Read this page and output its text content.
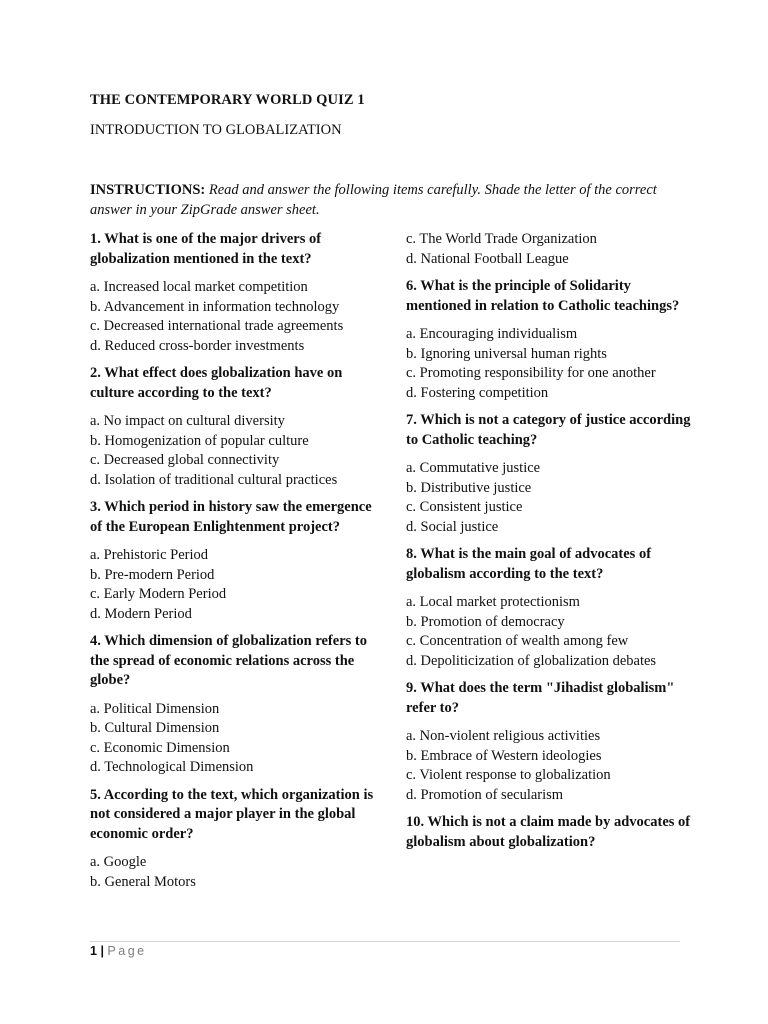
THE CONTEMPORARY WORLD QUIZ 1
INTRODUCTION TO GLOBALIZATION
INSTRUCTIONS: Read and answer the following items carefully. Shade the letter of the correct answer in your ZipGrade answer sheet.
1. What is one of the major drivers of globalization mentioned in the text?
a. Increased local market competition
b. Advancement in information technology
c. Decreased international trade agreements
d. Reduced cross-border investments
2. What effect does globalization have on culture according to the text?
a. No impact on cultural diversity
b. Homogenization of popular culture
c. Decreased global connectivity
d. Isolation of traditional cultural practices
3. Which period in history saw the emergence of the European Enlightenment project?
a. Prehistoric Period
b. Pre-modern Period
c. Early Modern Period
d. Modern Period
4. Which dimension of globalization refers to the spread of economic relations across the globe?
a. Political Dimension
b. Cultural Dimension
c. Economic Dimension
d. Technological Dimension
5. According to the text, which organization is not considered a major player in the global economic order?
a. Google
b. General Motors
c. The World Trade Organization
d. National Football League
6. What is the principle of Solidarity mentioned in relation to Catholic teachings?
a. Encouraging individualism
b. Ignoring universal human rights
c. Promoting responsibility for one another
d. Fostering competition
7. Which is not a category of justice according to Catholic teaching?
a. Commutative justice
b. Distributive justice
c. Consistent justice
d. Social justice
8. What is the main goal of advocates of globalism according to the text?
a. Local market protectionism
b. Promotion of democracy
c. Concentration of wealth among few
d. Depoliticization of globalization debates
9. What does the term "Jihadist globalism" refer to?
a. Non-violent religious activities
b. Embrace of Western ideologies
c. Violent response to globalization
d. Promotion of secularism
10. Which is not a claim made by advocates of globalism about globalization?
1 | Page
